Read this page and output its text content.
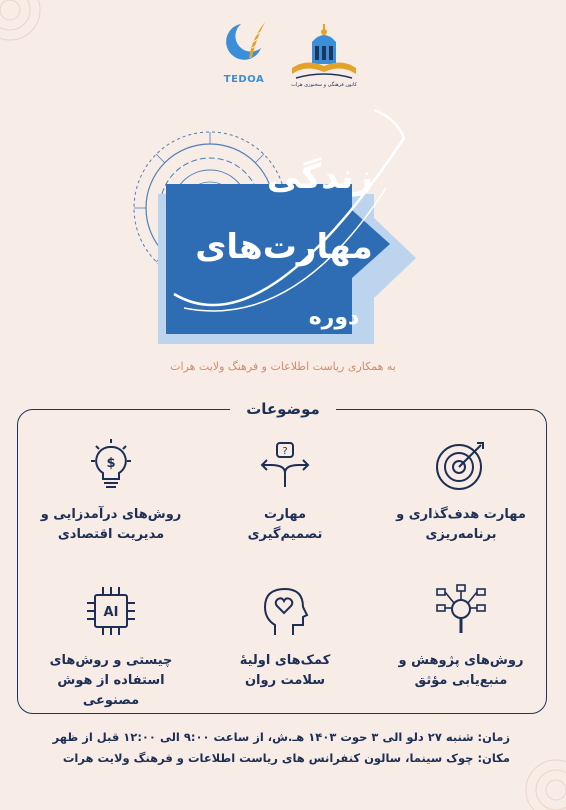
TEDOA	کانون فرهنگی و سخنوری هرات
زندگی
مهارت‌های
دوره
به همکاری ریاست اطلاعات و فرهنگ ولایت هرات
موضوعات
مهارت هدف‌گذاری و
برنامه‌ریزی
?
مهارت
تصمیم‌گیری
$
روش‌های درآمدزایی و
مدیریت اقتصادی
روش‌های پژوهش و
منبع‌یابی مؤثق
کمک‌های اولیهٔ
سلامت روان
AI
چیستی و روش‌های
استفاده از هوش مصنوعی
زمان: شنبه ۲۷ دلو الی ۳ حوت ۱۴۰۳ هـ.ش، از ساعت ۹:۰۰ الی ۱۲:۰۰ قبل از ظهر
مکان: چوک سینما، سالون کنفرانس های ریاست اطلاعات و فرهنگ ولایت هرات
